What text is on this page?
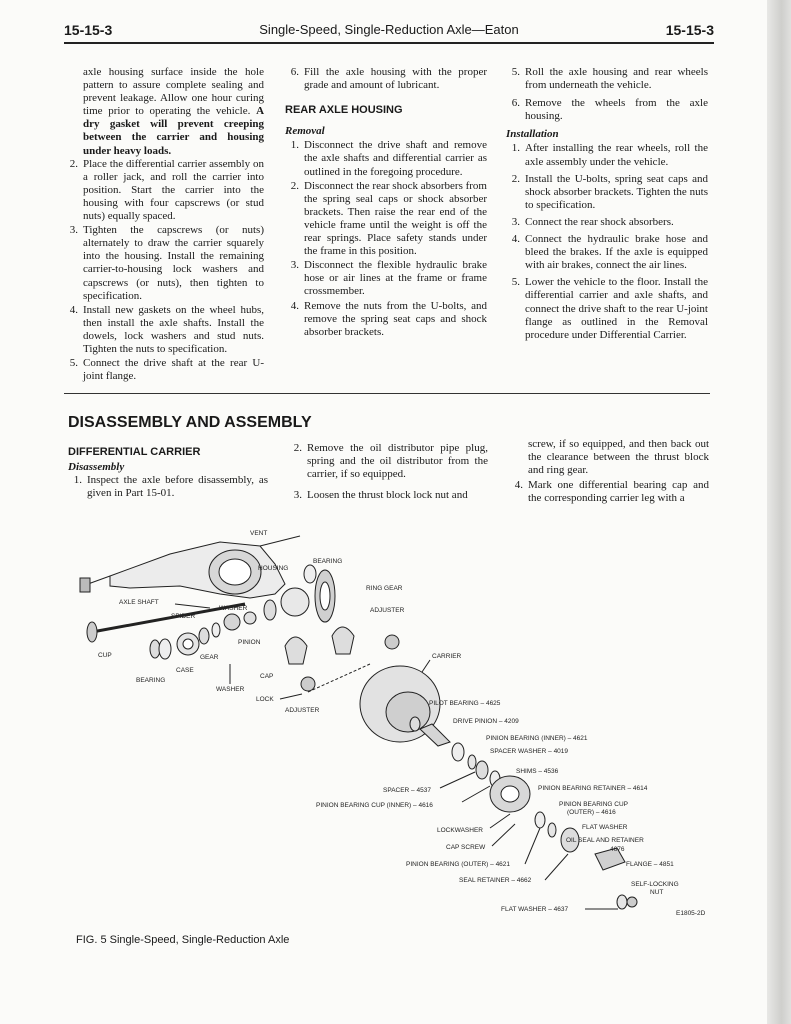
15-15-3	Single-Speed, Single-Reduction Axle—Eaton	15-15-3

axle housing surface inside the hole pattern to assure complete sealing and prevent leakage. Allow one hour curing time prior to operating the vehicle. A dry gasket will prevent creeping between the carrier and housing under heavy loads.

2. Place the differential carrier assembly on a roller jack, and roll the carrier into position. Start the carrier into the housing with four capscrews (or stud nuts) equally spaced.
3. Tighten the capscrews (or nuts) alternately to draw the carrier squarely into the housing. Install the remaining carrier-to-housing lock washers and capscrews (or nuts), then tighten to specification.
4. Install new gaskets on the wheel hubs, then install the axle shafts. Install the dowels, lock washers and stud nuts. Tighten the nuts to specification.
5. Connect the drive shaft at the rear U-joint flange.
6. Fill the axle housing with the proper grade and amount of lubricant.
REAR AXLE HOUSING
Removal
1. Disconnect the drive shaft and remove the axle shafts and differential carrier as outlined in the foregoing procedure.
2. Disconnect the rear shock absorbers from the spring seal caps or shock absorber brackets. Then raise the rear end of the vehicle frame until the weight is off the rear springs. Place safety stands under the frame in this position.
3. Disconnect the flexible hydraulic brake hose or air lines at the frame or frame crossmember.
4. Remove the nuts from the U-bolts, and remove the spring seat caps and shock absorber brackets.
5. Roll the axle housing and rear wheels from underneath the vehicle.
6. Remove the wheels from the axle housing.
Installation
1. After installing the rear wheels, roll the axle assembly under the vehicle.
2. Install the U-bolts, spring seat caps and shock absorber brackets. Tighten the nuts to specification.
3. Connect the rear shock absorbers.
4. Connect the hydraulic brake hose and bleed the brakes. If the axle is equipped with air brakes, connect the air lines.
5. Lower the vehicle to the floor. Install the differential carrier and axle shafts, and connect the drive shaft to the rear U-joint flange as outlined in the Removal procedure under Differential Carrier.
DISASSEMBLY AND ASSEMBLY
DIFFERENTIAL CARRIER
Disassembly
1. Inspect the axle before disassembly, as given in Part 15-01.
2. Remove the oil distributor pipe plug, spring and the oil distributor from the carrier, if so equipped.
3. Loosen the thrust block lock nut and

screw, if so equipped, and then back out the clearance between the thrust block and ring gear.

4. Mark one differential bearing cap and the corresponding carrier leg with a
VENT
HOUSING
BEARING
RING GEAR
AXLE SHAFT
WASHER	ADJUSTER
SPIDER
PINION
CUP	GEAR
CASE
CAP
BEARING
CARRIER
WASHER
LOCK
ADJUSTER
PILOT BEARING – 4625
DRIVE PINION – 4209
PINION BEARING (INNER) – 4621
SPACER WASHER – 4019
SHIMS – 4536
SPACER – 4537	PINION BEARING RETAINER – 4614
PINION BEARING CUP (INNER) – 4616	PINION BEARING CUP
(OUTER) – 4616
FLAT WASHER
LOCKWASHER
OIL SEAL AND RETAINER
4676
CAP SCREW
PINION BEARING (OUTER) – 4621	FLANGE – 4851
SEAL RETAINER – 4662
SELF-LOCKING
NUT
FLAT WASHER – 4637
E1805-2D
FIG. 5 Single-Speed, Single-Reduction Axle
